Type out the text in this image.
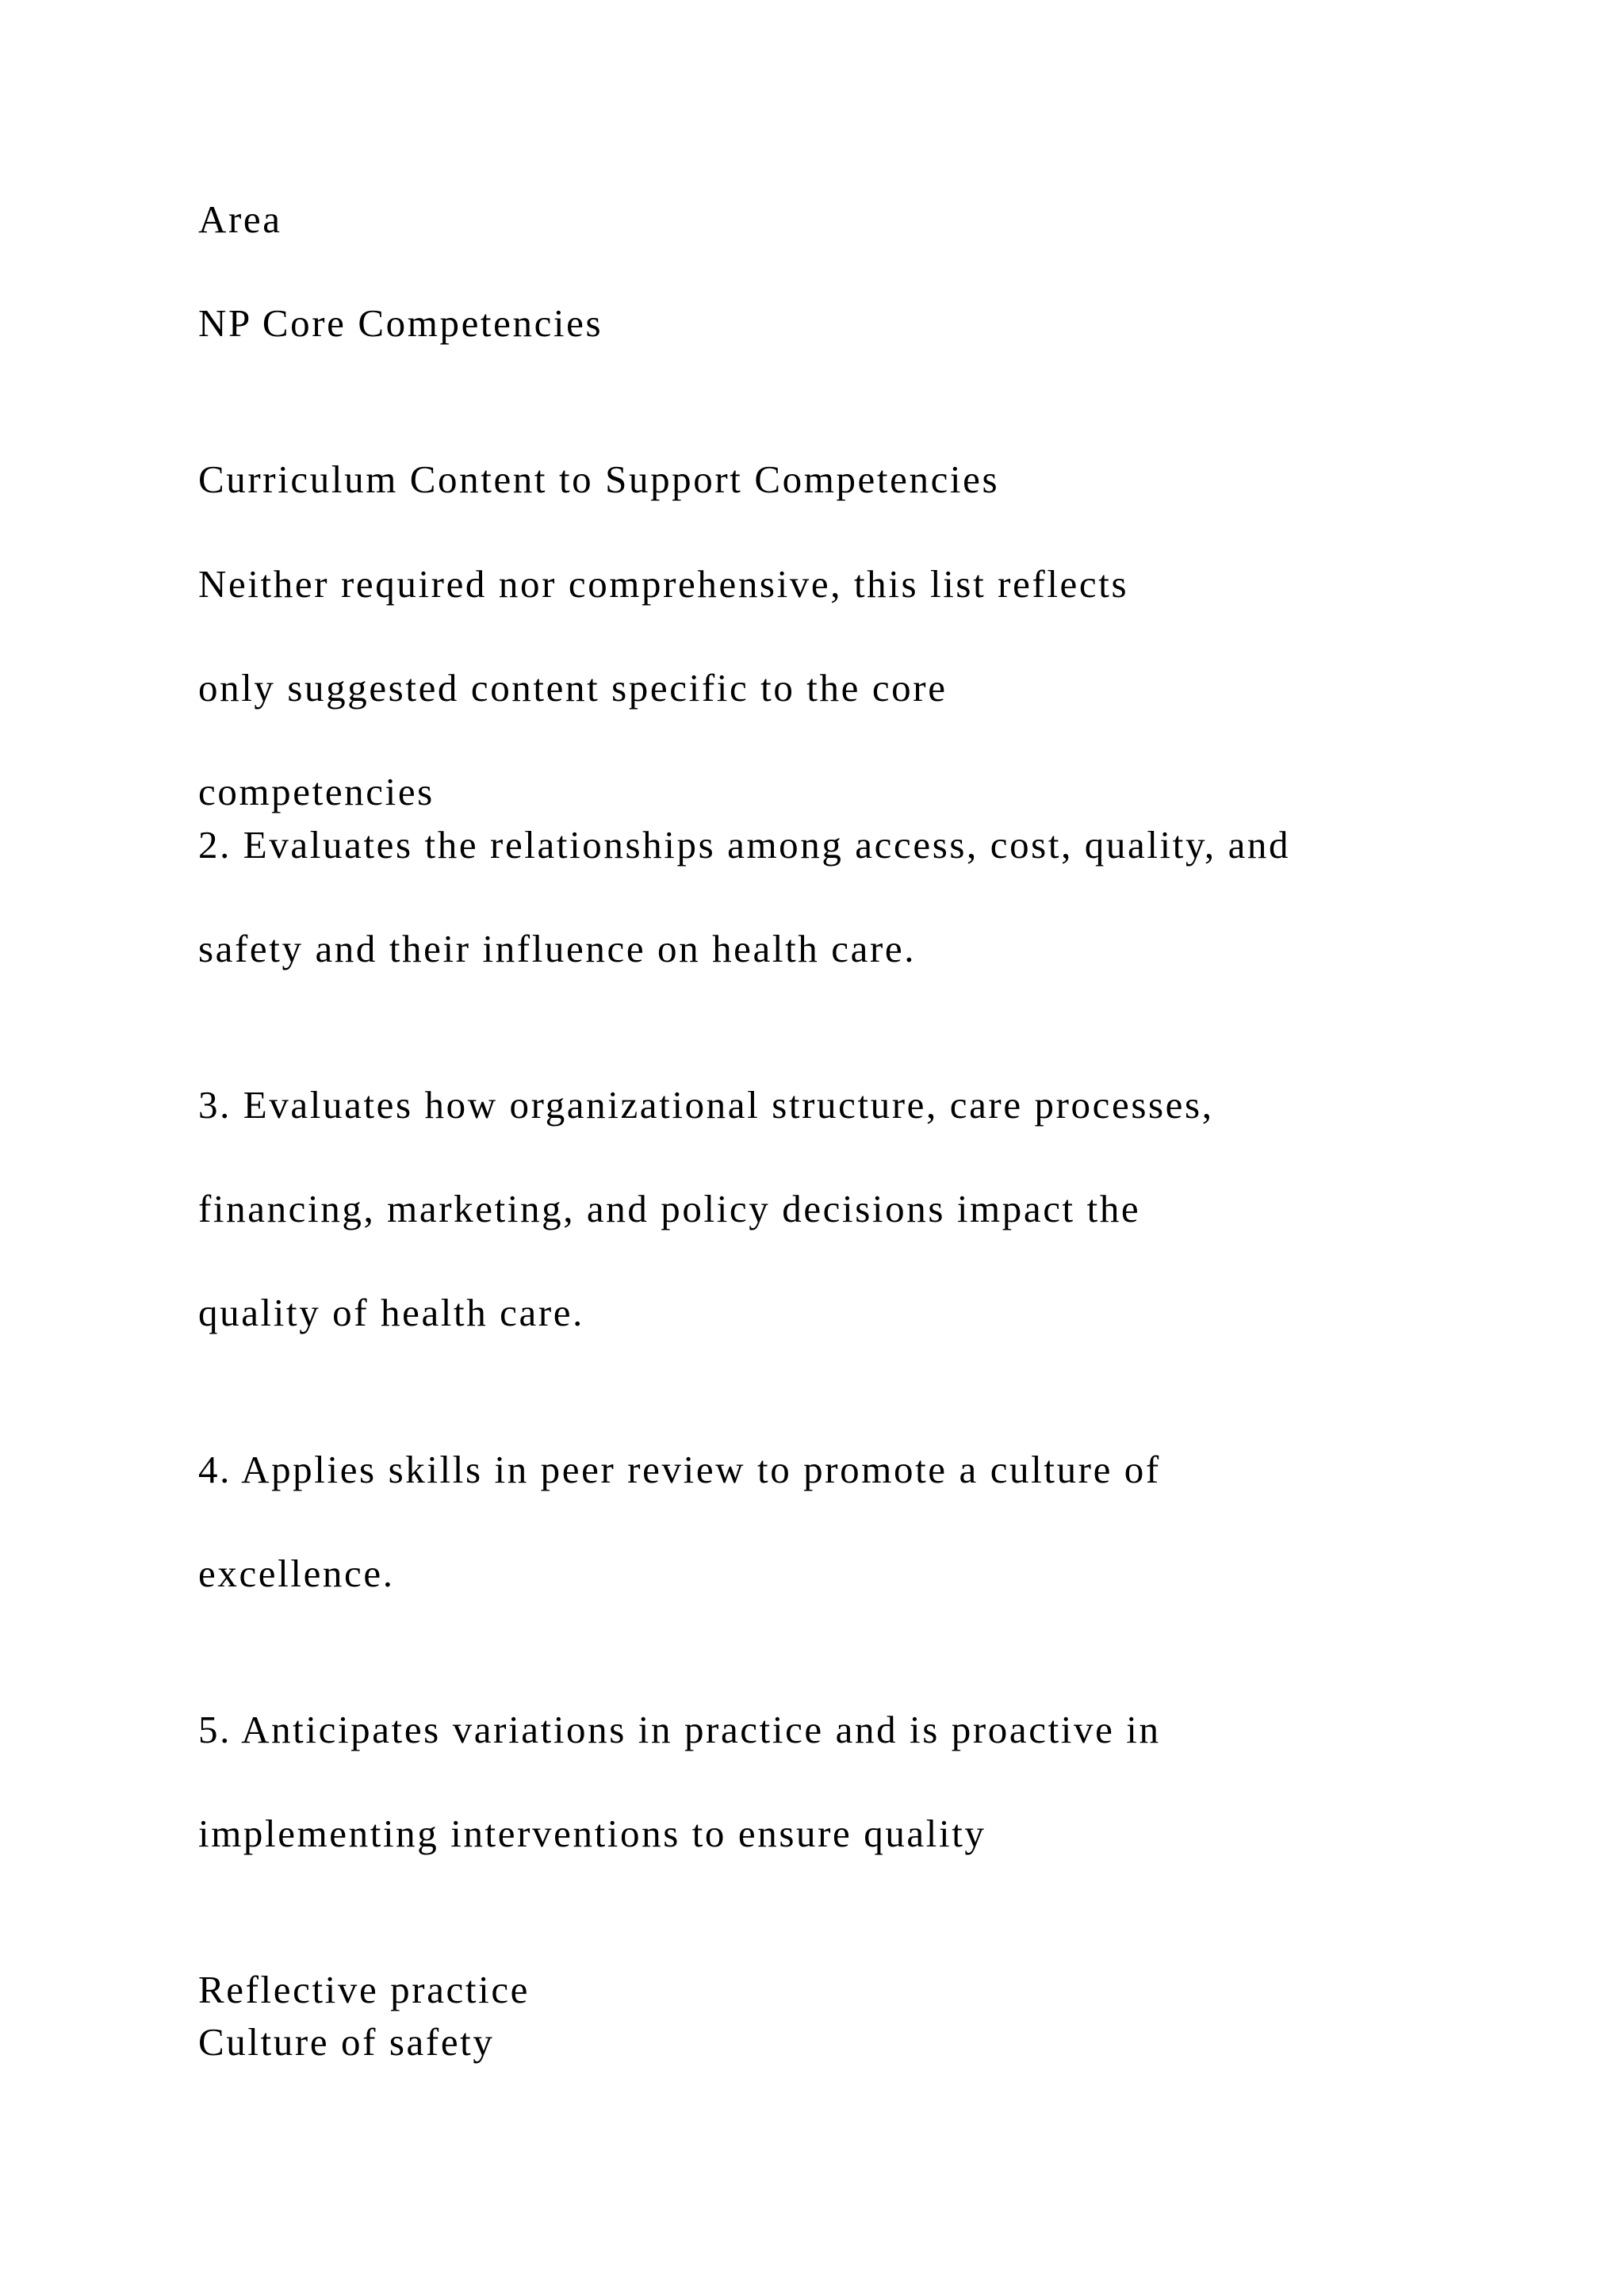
Area

NP Core Competencies

Curriculum Content to Support Competencies

Neither required nor comprehensive, this list reflects

only suggested content specific to the core

competencies

2. Evaluates the relationships among access, cost, quality, and

safety and their influence on health care.

3. Evaluates how organizational structure, care processes,

financing, marketing, and policy decisions impact the

quality of health care.

4. Applies skills in peer review to promote a culture of

excellence.

5. Anticipates variations in practice and is proactive in

implementing interventions to ensure quality

Reflective practice

Culture of safety
